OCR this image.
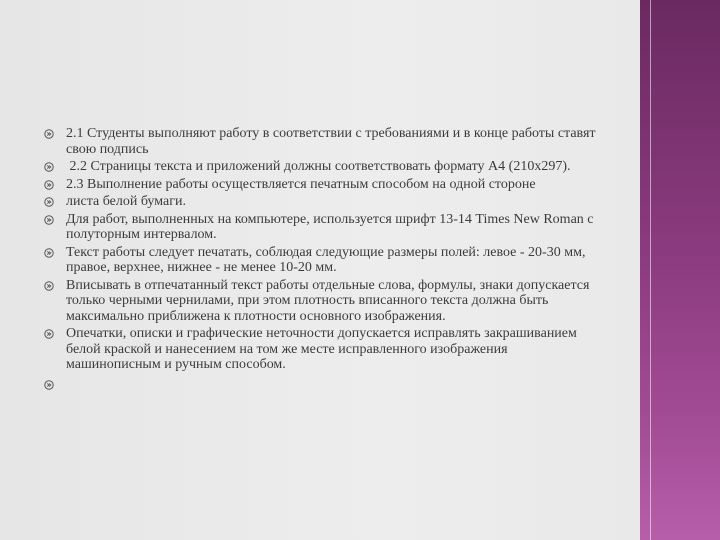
2.1 Студенты выполняют работу в соответствии с требованиями и в конце работы ставят свою подпись
2.2 Страницы текста и приложений должны соответствовать формату А4 (210х297).
2.3 Выполнение работы осуществляется печатным способом на одной стороне
листа белой бумаги.
Для работ, выполненных на компьютере, используется шрифт 13-14 Times New Roman с полуторным интервалом.
Текст работы следует печатать, соблюдая следующие размеры полей: левое - 20-30 мм, правое, верхнее, нижнее - не менее 10-20 мм.
Вписывать в отпечатанный текст работы отдельные слова, формулы, знаки допускается только черными чернилами, при этом плотность вписанного текста должна быть максимально приближена к плотности основного изображения.
Опечатки, описки и графические неточности допускается исправлять закрашиванием белой краской и нанесением на том же месте исправленного изображения машинописным и ручным способом.
